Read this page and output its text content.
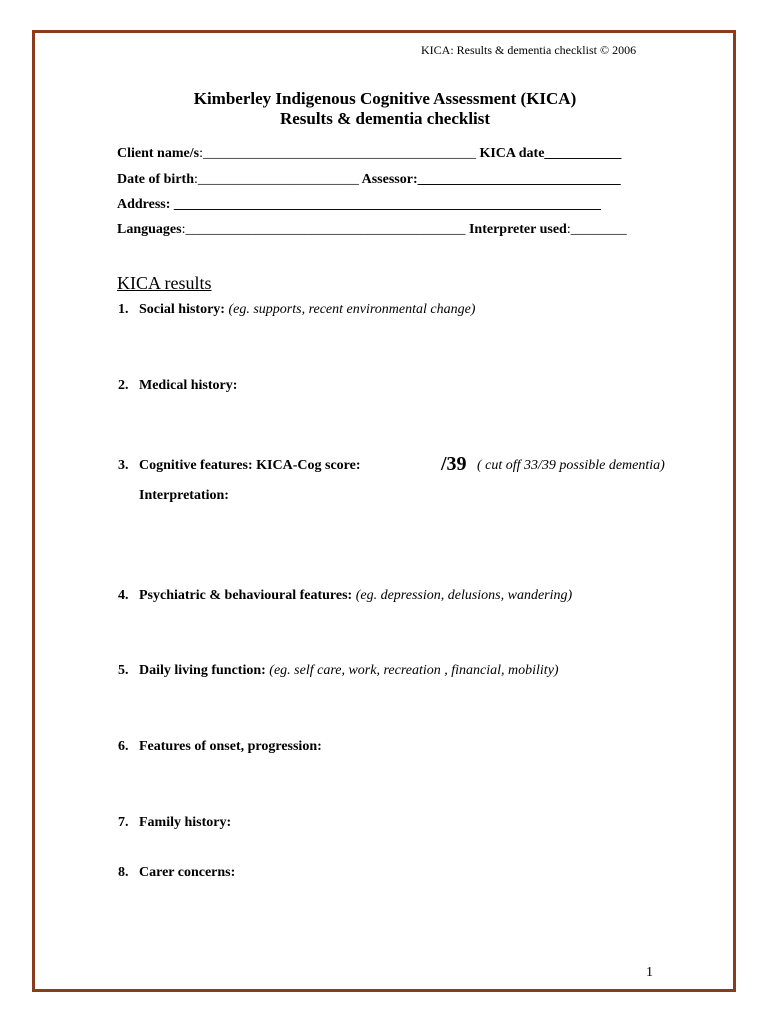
KICA: Results & dementia checklist © 2006
Kimberley Indigenous Cognitive Assessment (KICA)
Results & dementia checklist
Client name/s:_______________________________________ KICA date___________
Date of birth:_______________________ Assessor:_____________________________
Address: _____________________________________________________________
Languages:________________________________________ Interpreter used:________
KICA results
1. Social history: (eg. supports, recent environmental change)
2. Medical history:
3. Cognitive features: KICA-Cog score:	/39 ( cut off 33/39 possible dementia)
Interpretation:
4. Psychiatric & behavioural features: (eg. depression, delusions, wandering)
5. Daily living function: (eg. self care, work, recreation , financial, mobility)
6. Features of onset, progression:
7. Family history:
8. Carer concerns:
1
